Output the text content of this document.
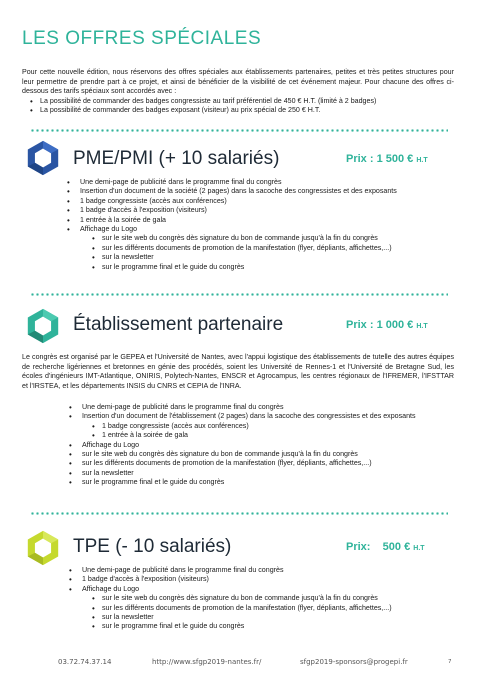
LES OFFRES SPÉCIALES
Pour cette nouvelle édition, nous réservons des offres spéciales aux établissements partenaires, petites et très petites structures pour leur permettre de prendre part à ce projet, et ainsi de bénéficier de la visibilité de cet événement majeur. Pour chacune des offres ci-dessous des tarifs spéciaux sont accordés avec :
• La possibilité de commander des badges congressiste au tarif préférentiel de 450 € H.T. (limité à 2 badges)
• La possibilité de commander des badges exposant (visiteur) au prix spécial de 250 € H.T.
PME/PMI (+ 10 salariés)	Prix : 1 500 € H.T
• Une demi-page de publicité dans le programme final du congrès
• Insertion d'un document de la société (2 pages) dans la sacoche des congressistes et des exposants
• 1 badge congressiste (accès aux conférences)
• 1 badge d'accès à l'exposition (visiteurs)
• 1 entrée à la soirée de gala
• Affichage du Logo
• sur le site web du congrès dès signature du bon de commande jusqu'à la fin du congrès
• sur les différents documents de promotion de la manifestation (flyer, dépliants, affichettes,...)
• sur la newsletter
• sur le programme final et le guide du congrès
Établissement partenaire	Prix : 1 000 € H.T
Le congrès est organisé par le GEPEA et l'Université de Nantes, avec l'appui logistique des établissements de tutelle des autres équipes de recherche ligériennes et bretonnes en génie des procédés, soient les Université de Rennes-1 et l'Université de Bretagne Sud, les écoles d'ingénieurs IMT-Atlantique, ONIRIS, Polytech-Nantes, ENSCR et Agrocampus, les centres régionaux de l'IFREMER, l'IFSTTAR et l'IRSTEA, et les départements INSIS du CNRS et CEPIA de l'INRA.
• Une demi-page de publicité dans le programme final du congrès
• Insertion d'un document de l'établissement (2 pages) dans la sacoche des congressistes et des exposants
• 1 badge congressiste (accès aux conférences)
• 1 entrée à la soirée de gala
• Affichage du Logo
• sur le site web du congrès dès signature du bon de commande jusqu'à la fin du congrès
• sur les différents documents de promotion de la manifestation (flyer, dépliants, affichettes,...)
• sur la newsletter
• sur le programme final et le guide du congrès
TPE (- 10 salariés)	Prix:    500 € H.T
• Une demi-page de publicité dans le programme final du congrès
• 1 badge d'accès à l'exposition (visiteurs)
• Affichage du Logo
• sur le site web du congrès dès signature du bon de commande jusqu'à la fin du congrès
• sur les différents documents de promotion de la manifestation (flyer, dépliants, affichettes,...)
• sur la newsletter
• sur le programme final et le guide du congrès
03.72.74.37.14	http://www.sfgp2019-nantes.fr/	sfgp2019-sponsors@progepi.fr	7
